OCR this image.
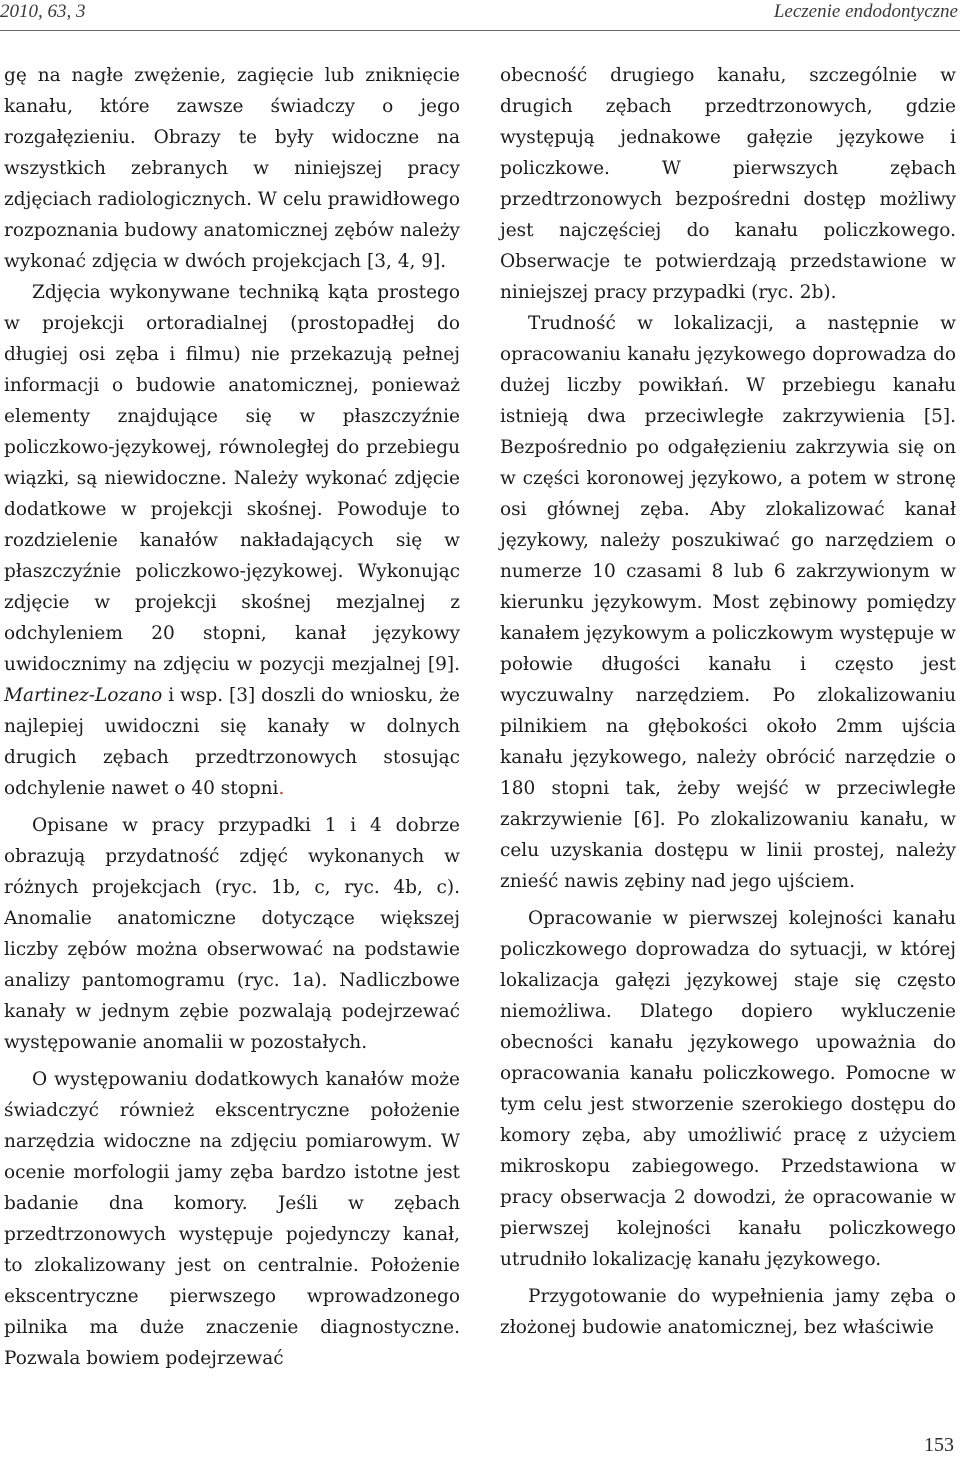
2010, 63, 3	Leczenie endodontyczne

gę na nagłe zwężenie, zagięcie lub zniknięcie kanału, które zawsze świadczy o jego rozgałęzieniu. Obrazy te były widoczne na wszystkich zebranych w niniejszej pracy zdjęciach radiologicznych. W celu prawidłowego rozpoznania budowy anatomicznej zębów należy wykonać zdjęcia w dwóch projekcjach [3, 4, 9].

Zdjęcia wykonywane techniką kąta prostego w projekcji ortoradialnej (prostopadłej do długiej osi zęba i filmu) nie przekazują pełnej informacji o budowie anatomicznej, ponieważ elementy znajdujące się w płaszczyźnie policzkowo-językowej, równoległej do przebiegu wiązki, są niewidoczne. Należy wykonać zdjęcie dodatkowe w projekcji skośnej. Powoduje to rozdzielenie kanałów nakładających się w płaszczyźnie policzkowo-językowej. Wykonując zdjęcie w projekcji skośnej mezjalnej z odchyleniem 20 stopni, kanał językowy uwidocznimy na zdjęciu w pozycji mezjalnej [9]. Martinez-Lozano i wsp. [3] doszli do wniosku, że najlepiej uwidoczni się kanały w dolnych drugich zębach przedtrzonowych stosując odchylenie nawet o 40 stopni.

Opisane w pracy przypadki 1 i 4 dobrze obrazują przydatność zdjęć wykonanych w różnych projekcjach (ryc. 1b, c, ryc. 4b, c). Anomalie anatomiczne dotyczące większej liczby zębów można obserwować na podstawie analizy pantomogramu (ryc. 1a). Nadliczbowe kanały w jednym zębie pozwalają podejrzewać występowanie anomalii w pozostałych.

O występowaniu dodatkowych kanałów może świadczyć również ekscentryczne położenie narzędzia widoczne na zdjęciu pomiarowym. W ocenie morfologii jamy zęba bardzo istotne jest badanie dna komory. Jeśli w zębach przedtrzonowych występuje pojedynczy kanał, to zlokalizowany jest on centralnie. Położenie ekscentryczne pierwszego wprowadzonego pilnika ma duże znaczenie diagnostyczne. Pozwala bowiem podejrzewać

obecność drugiego kanału, szczególnie w drugich zębach przedtrzonowych, gdzie występują jednakowe gałęzie językowe i policzkowe. W pierwszych zębach przedtrzonowych bezpośredni dostęp możliwy jest najczęściej do kanału policzkowego. Obserwacje te potwierdzają przedstawione w niniejszej pracy przypadki (ryc. 2b).

Trudność w lokalizacji, a następnie w opracowaniu kanału językowego doprowadza do dużej liczby powikłań. W przebiegu kanału istnieją dwa przeciwległe zakrzywienia [5]. Bezpośrednio po odgałęzieniu zakrzywia się on w części koronowej językowo, a potem w stronę osi głównej zęba. Aby zlokalizować kanał językowy, należy poszukiwać go narzędziem o numerze 10 czasami 8 lub 6 zakrzywionym w kierunku językowym. Most zębinowy pomiędzy kanałem językowym a policzkowym występuje w połowie długości kanału i często jest wyczuwalny narzędziem. Po zlokalizowaniu pilnikiem na głębokości około 2mm ujścia kanału językowego, należy obrócić narzędzie o 180 stopni tak, żeby wejść w przeciwległe zakrzywienie [6]. Po zlokalizowaniu kanału, w celu uzyskania dostępu w linii prostej, należy znieść nawis zębiny nad jego ujściem.

Opracowanie w pierwszej kolejności kanału policzkowego doprowadza do sytuacji, w której lokalizacja gałęzi językowej staje się często niemożliwa. Dlatego dopiero wykluczenie obecności kanału językowego upoważnia do opracowania kanału policzkowego. Pomocne w tym celu jest stworzenie szerokiego dostępu do komory zęba, aby umożliwić pracę z użyciem mikroskopu zabiegowego. Przedstawiona w pracy obserwacja 2 dowodzi, że opracowanie w pierwszej kolejności kanału policzkowego utrudniło lokalizację kanału językowego.

Przygotowanie do wypełnienia jamy zęba o złożonej budowie anatomicznej, bez właściwie

153
